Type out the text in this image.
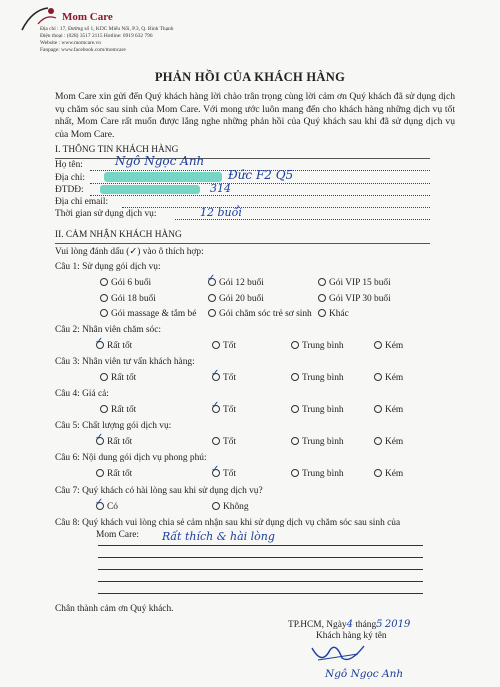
Mom Care
Địa chỉ : 17, Đường số 1, KDC Miếu Nổi, P.3, Q. Bình Thạnh
Điện thoại : (028) 3517 2115 Hotline: 0919 632 796
Website : www.momcare.vn
Fanpage: www.facebook.com/momcare
PHẢN HỒI CỦA KHÁCH HÀNG
Mom Care xin gửi đến Quý khách hàng lời chào trân trọng cùng lời cảm ơn Quý khách đã sử dụng dịch vụ chăm sóc sau sinh của Mom Care. Với mong ước luôn mang đến cho khách hàng những dịch vụ tốt nhất, Mom Care rất muốn được lắng nghe những phản hồi của Quý khách sau khi đã sử dụng dịch vụ của Mom Care.
I. THÔNG TIN KHÁCH HÀNG
Họ tên:	Ngô Ngọc Anh
Địa chỉ:	Đức F2 Q5
ĐTDĐ:	314
Địa chỉ email:
Thời gian sử dụng dịch vụ:	12 buổi
II. CẢM NHẬN KHÁCH HÀNG
Vui lòng đánh dấu (✓) vào ô thích hợp:
Câu 1: Sử dụng gói dịch vụ:
Gói 6 buổi	✓ Gói 12 buổi	Gói VIP 15 buổi
Gói 18 buổi	Gói 20 buổi	Gói VIP 30 buổi
Gói massage & tắm bé	Gói chăm sóc trẻ sơ sinh	Khác
Câu 2: Nhân viên chăm sóc:
✓ Rất tốt	Tốt	Trung bình	Kém
Câu 3: Nhân viên tư vấn khách hàng:
Rất tốt	✓ Tốt	Trung bình	Kém
Câu 4: Giá cả:
Rất tốt	✓ Tốt	Trung bình	Kém
Câu 5: Chất lượng gói dịch vụ:
✓ Rất tốt	Tốt	Trung bình	Kém
Câu 6: Nội dung gói dịch vụ phong phú:
Rất tốt	✓ Tốt	Trung bình	Kém
Câu 7: Quý khách có hài lòng sau khi sử dụng dịch vụ?
✓ Có	Không
Câu 8: Quý khách vui lòng chia sẻ cảm nhận sau khi sử dụng dịch vụ chăm sóc sau sinh của
Mom Care: Rất thích & hài lòng
Chân thành cảm ơn Quý khách.
TP.HCM, Ngày4 tháng5 2019
Khách hàng ký tên
Ngô Ngọc Anh
